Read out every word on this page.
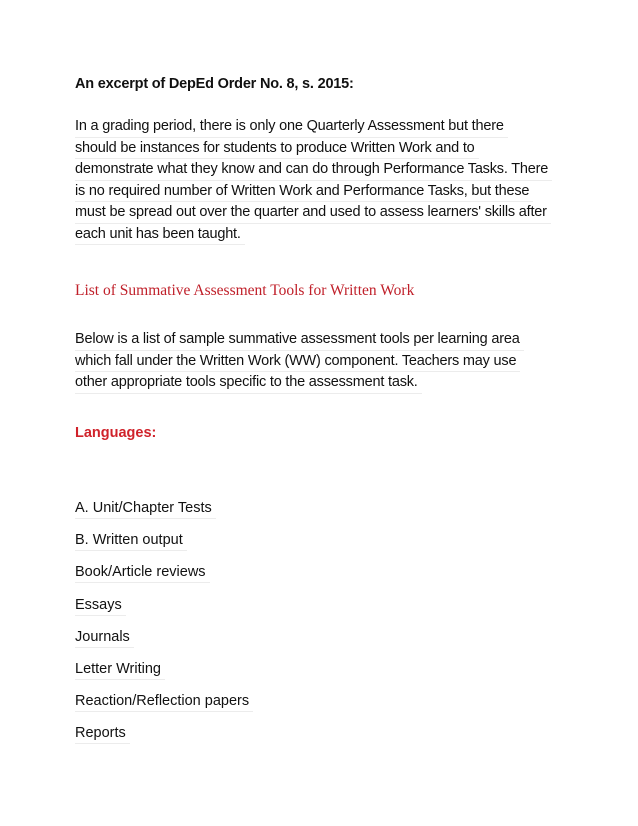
An excerpt of DepEd Order No. 8, s. 2015:
In a grading period, there is only one Quarterly Assessment but there
should be instances for students to produce Written Work and to
demonstrate what they know and can do through Performance Tasks. There
is no required number of Written Work and Performance Tasks, but these
must be spread out over the quarter and used to assess learners' skills after
each unit has been taught.
List of Summative Assessment Tools for Written Work
Below is a list of sample summative assessment tools per learning area
which fall under the Written Work (WW) component. Teachers may use
other appropriate tools specific to the assessment task.
Languages:
A. Unit/Chapter Tests
B. Written output
Book/Article reviews
Essays
Journals
Letter Writing
Reaction/Reflection papers
Reports
